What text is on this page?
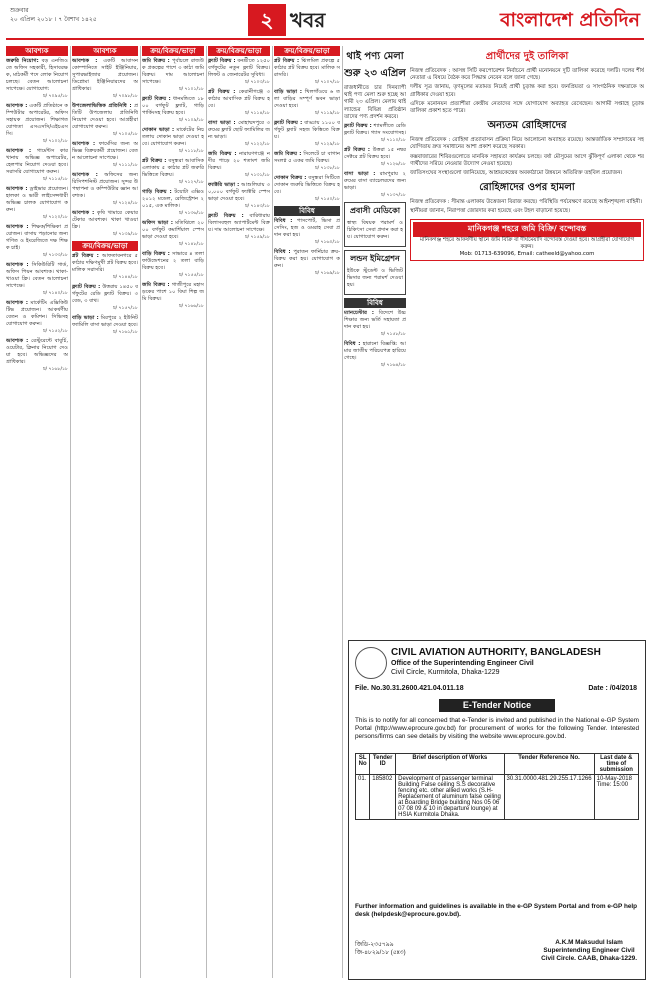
শুক্রবার
২০ এপ্রিল ২০১৮ । ৭ বৈশাখ ১৪২৫	২ খবর	বাংলাদেশ প্রতিদিন
আবশ্যক
জরুরি নিয়োগ: বড় এনজিওতে অফিস সহকারী, হিসাবরক্ষক, মাঠকর্মী পদে লোক নিয়োগ চলছে। বেতন আলোচনা সাপেক্ষে। যোগাযোগ:
চ/ ৭০৯৫/১৮
আবশ্যক : একটি প্রতিষ্ঠানে কম্পিউটার অপারেটর, অফিস সহায়ক প্রয়োজন। শিক্ষাগত যোগ্যতা এসএসসি/এইচএসসি।
চ/ ৭১০২/১৮
আবশ্যক : গার্মেন্টস কারখানায় অভিজ্ঞ অপারেটর, হেলপার নিয়োগ দেওয়া হবে। সরাসরি যোগাযোগ করুন।
চ/ ৭১১৫/১৮
আবশ্যক : ড্রাইভার প্রয়োজন। হালকা ও ভারী লাইসেন্সধারী অভিজ্ঞ চালক যোগাযোগ করুন।
চ/ ৭১২০/১৮
আবশ্যক : শিক্ষক/শিক্ষিকা প্রয়োজন। বাসায় পড়ানোর জন্য গণিত ও ইংরেজিতে দক্ষ শিক্ষক চাই।
চ/ ৭১৩৩/১৮
আবশ্যক : সিকিউরিটি গার্ড, অফিস পিয়ন আবশ্যক। থাকা-খাওয়া ফ্রি। বেতন আলোচনা সাপেক্ষে।
চ/ ৭১৪০/১৮
আবশ্যক : মার্কেটিং এক্সিকিউটিভ প্রয়োজন। আকর্ষণীয় বেতন ও কমিশন। সিভিসহ যোগাযোগ করুন।
চ/ ৭১৫২/১৮
আবশ্যক : রেস্টুরেন্টে বাবুর্চি, ওয়েটার, ক্লিনার নিয়োগ দেওয়া হবে। অভিজ্ঞদের অগ্রাধিকার।
চ/ ৭১৬৮/১৮
আবশ্যক
আবশ্যক : একটি আবাসন কোম্পানিতে সাইট ইঞ্জিনিয়ার, সুপারভাইজার প্রয়োজন। ডিপ্লোমা ইঞ্জিনিয়ারদের অগ্রাধিকার।
চ/ ৭০৯৮/১৮
উপজেলাভিত্তিক প্রতিনিধি : প্রতিটি উপজেলায় প্রতিনিধি নিয়োগ দেওয়া হবে। আগ্রহীরা যোগাযোগ করুন।
চ/ ৭১০৫/১৮
আবশ্যক : ফার্মেসির জন্য অভিজ্ঞ বিক্রয়কর্মী প্রয়োজন। বেতন আলোচনা সাপেক্ষে।
চ/ ৭১১১/১৮
আবশ্যক : অফিসের জন্য রিসিপশনিস্ট প্রয়োজন। সুন্দর উপস্থাপনা ও কম্পিউটার জ্ঞান আবশ্যক।
চ/ ৭১২৪/১৮
আবশ্যক : কৃষি খামারে কেয়ারটেকার আবশ্যক। থাকা খাওয়া ফ্রি।
চ/ ৭১৩৯/১৮
ক্রয়/বিক্রয়/ভাড়া
প্লট বিক্রয় : আফতাবনগরে ৫ কাঠার দক্ষিণমুখী প্লট বিক্রয় হবে। মালিক সরাসরি।
চ/ ৭১৪৪/১৮
ফ্ল্যাট বিক্রয় : উত্তরায় ১৪৫০ বর্গফুটের রেডি ফ্ল্যাট বিক্রয়। ৩ বেড, ৩ বাথ।
চ/ ৭১৫৭/১৮
বাড়ি ভাড়া : মিরপুরে ২ ইউনিট ফ্যামিলি বাসা ভাড়া দেওয়া হবে।
চ/ ৭১৬১/১৮
ক্রয়/বিক্রয়/ভাড়া
জমি বিক্রয় : পূর্বাচলে রাজউক প্রকল্পের পাশে ৩ কাঠা জমি বিক্রয়। দাম আলোচনা সাপেক্ষে।
চ/ ৭১০১/১৮
ফ্ল্যাট বিক্রয় : ধানমন্ডিতে ১৮০০ বর্গফুট ফ্ল্যাট, গাড়ি পার্কিংসহ বিক্রয় হবে।
চ/ ৭১০৯/১৮
দোকান ভাড়া : মার্কেটের নিচতলায় দোকান ভাড়া দেওয়া হবে। যোগাযোগ করুন।
চ/ ৭১১৮/১৮
প্লট বিক্রয় : বসুন্ধরা আবাসিক এলাকায় ৫ কাঠার প্লট জরুরি ভিত্তিতে বিক্রয়।
চ/ ৭১২৭/১৮
গাড়ি বিক্রয় : টয়োটা এক্সিও ২০১২ মডেল, রেজিস্ট্রেশন ২০১৫, এক মালিক।
চ/ ৭১৩৬/১৮
অফিস ভাড়া : মতিঝিলে ২০০০ বর্গফুট কমার্শিয়াল স্পেস ভাড়া দেওয়া হবে।
চ/ ৭১৪৮/১৮
বাড়ি বিক্রয় : সাভারে ৪ তলা ফাউন্ডেশনের ২ তলা বাড়ি বিক্রয় হবে।
চ/ ৭১৫৫/১৮
জমি বিক্রয় : গাজীপুরে মহাসড়কের পাশে ১০ বিঘা শিল্প জমি বিক্রয়।
চ/ ৭১৬৬/১৮
ক্রয়/বিক্রয়/ভাড়া
ফ্ল্যাট বিক্রয় : বনশ্রীতে ১২৫০ বর্গফুটের নতুন ফ্ল্যাট বিক্রয়। লিফট ও জেনারেটর সুবিধা।
চ/ ৭১০৩/১৮
প্লট বিক্রয় : কেরানীগঞ্জে ৩ কাঠার আবাসিক প্লট বিক্রয় হবে।
চ/ ৭১১৪/১৮
বাসা ভাড়া : মোহাম্মদপুরে ৩ রুমের ফ্ল্যাট ছোট ফ্যামিলির জন্য ভাড়া।
চ/ ৭১২২/১৮
জমি বিক্রয় : নারায়ণগঞ্জে নদীর পাড়ে ২০ শতাংশ জমি বিক্রয়।
চ/ ৭১৩১/১৮
ফ্যাক্টরি ভাড়া : আশুলিয়ায় ৩০,০০০ বর্গফুট ফ্যাক্টরি স্পেস ভাড়া দেওয়া হবে।
চ/ ৭১৪৩/১৮
ফ্ল্যাট বিক্রয় : বারিধারায় বিলাসবহুল অ্যাপার্টমেন্ট বিক্রয়। দাম আলোচনা সাপেক্ষে।
চ/ ৭১৫৯/১৮
ক্রয়/বিক্রয়/ভাড়া
প্লট বিক্রয় : ঝিলমিল প্রকল্পে ৫ কাঠার প্লট বিক্রয় হবে। মালিক সরাসরি।
চ/ ৭১০৭/১৮
বাড়ি ভাড়া : খিলগাঁওয়ে ৬ তলা বাড়ির সম্পূর্ণ ভবন ভাড়া দেওয়া হবে।
চ/ ৭১১৯/১৮
ফ্ল্যাট বিক্রয় : বাড্ডায় ১১০০ বর্গফুট ফ্ল্যাট সহজ কিস্তিতে বিক্রয়।
চ/ ৭১২৯/১৮
জমি বিক্রয় : সিলেটে চা বাগান সংলগ্ন ৫ একর জমি বিক্রয়।
চ/ ৭১৩৮/১৮
দোকান বিক্রয় : বসুন্ধরা সিটিতে দোকান জরুরি ভিত্তিতে বিক্রয় হবে।
চ/ ৭১৫০/১৮
বিবিধ
বিবিধ : পাসপোর্ট, ভিসা প্রসেসিং, হজ ও ওমরাহ সেবা প্রদান করা হয়।
চ/ ৭১৬০/১৮
বিবিধ : পুরাতন ফার্নিচার ক্রয়-বিক্রয় করা হয়। যোগাযোগ করুন।
চ/ ৭১৬৯/১৮
থাই পণ্য মেলা শুরু ২৩ এপ্রিল

রাজধানীতে চার দিনব্যাপী থাই পণ্য মেলা শুরু হচ্ছে আগামী ২৩ এপ্রিল। মেলায় থাইল্যান্ডের বিভিন্ন প্রতিষ্ঠান তাদের পণ্য প্রদর্শন করবে।

ফ্ল্যাট বিক্রয় : শ্যামলীতে রেডি ফ্ল্যাট বিক্রয়। গ্যাস সংযোগসহ।
চ/ ৭১১০/১৮
প্লট বিক্রয় : উত্তরা ১৫ নম্বর সেক্টরে প্লট বিক্রয় হবে।
চ/ ৭১২৬/১৮
বাসা ভাড়া : রামপুরায় ২ রুমের বাসা ব্যাচেলরদের জন্য ভাড়া।
চ/ ৭১৩৭/১৮
প্রবাসী মেডিকো
স্বাস্থ্য বিষয়ক পরামর্শ ও চিকিৎসা সেবা প্রদান করা হয়। যোগাযোগ করুন।
লন্ডন ইমিগ্রেশন
ইউকে স্টুডেন্ট ও ভিজিট ভিসার জন্য পরামর্শ দেওয়া হয়।
বিবিধ
ম্যানচেস্টার : বিদেশে উচ্চশিক্ষার জন্য ভর্তি সহায়তা প্রদান করা হয়।
চ/ ৭১৫৮/১৮
বিবিধ : হারানো বিজ্ঞপ্তি: আমার জাতীয় পরিচয়পত্র হারিয়ে গেছে।
চ/ ৭১৬৪/১৮
প্রার্থীদের দুই তালিকা

নিজস্ব প্রতিবেদক : আসন্ন সিটি করপোরেশন নির্বাচনে প্রার্থী মনোনয়নে দুটি তালিকা করেছে দলটি। দলের শীর্ষ নেতারা এ বিষয়ে বৈঠক করে সিদ্ধান্ত নেবেন বলে জানা গেছে।

দলীয় সূত্র জানায়, তৃণমূলের মতামত নিয়েই প্রার্থী চূড়ান্ত করা হবে। জনপ্রিয়তা ও সাংগঠনিক দক্ষতাকে অগ্রাধিকার দেওয়া হবে।

এদিকে মনোনয়ন প্রত্যাশীরা কেন্দ্রীয় নেতাদের সঙ্গে যোগাযোগ অব্যাহত রেখেছেন। আগামী সপ্তাহে চূড়ান্ত তালিকা প্রকাশ হতে পারে।

অন্যতম রোহিঙ্গাদের

নিজস্ব প্রতিবেদক : রোহিঙ্গা প্রত্যাবাসন প্রক্রিয়া নিয়ে আলোচনা অব্যাহত রয়েছে। আন্তর্জাতিক সম্প্রদায়ের সহযোগিতায় দ্রুত সমাধানের আশা প্রকাশ করেছে সরকার।

কক্সবাজারের শিবিরগুলোতে মানবিক সহায়তা কার্যক্রম চলছে। বর্ষা মৌসুমের আগে ঝুঁকিপূর্ণ এলাকা থেকে শরণার্থীদের সরিয়ে নেওয়ার উদ্যোগ নেওয়া হয়েছে।

জাতিসংঘের সংস্থাগুলো জানিয়েছে, আশ্রয়কেন্দ্রের অবকাঠামো উন্নয়নে অতিরিক্ত তহবিল প্রয়োজন।

রোহিঙ্গাদের ওপর হামলা

নিজস্ব প্রতিবেদক : সীমান্ত এলাকায় উত্তেজনা বিরাজ করছে। পরিস্থিতি পর্যবেক্ষণে রয়েছে আইনশৃঙ্খলা বাহিনী।

স্থানীয়রা জানান, নিরাপত্তা জোরদার করা হয়েছে এবং টহল বাড়ানো হয়েছে।

মানিকগঞ্জ শহরে জমি বিক্রি/ বন্দোবস্ত
মানিকগঞ্জ শহরে আকর্ষণীয় স্থানে জমি বিক্রি বা দীর্ঘমেয়াদি বন্দোবস্ত দেওয়া হবে। আগ্রহীরা যোগাযোগ করুন।
Mob: 01713-639096, Email: catheeld@yahoo.com
CIVIL AVIATION AUTHORITY, BANGLADESH
Office of the Superintending Engineer Civil
Civil Circle, Kurmitola, Dhaka-1229
File. No.30.31.2600.421.04.011.18	Date : /04/2018
E-Tender Notice
This is to notify for all concerned that e-Tender is invited and published in the National e-GP System Portal (http://www.eprocure.gov.bd) for procurement of works for the following Tender. Interested persons/firms can see details by visiting the website www.eprocure.gov.bd.
SL No	Tender ID	Brief description of Works	Tender Reference No.	Last date & time of submission
01.	185802	Development of passenger terminal Building False ceiling S.S decorative fencing etc. other allied works (S.H- Replacement of aluminum false ceiling at Boarding Bridge building Nos 05 06 07 08 09 & 10 in departure lounge) at HSIA Kurmitola Dhaka.	30.31.0000.481.29.255.17.1266	10-May-2018 Time: 15:00
Further information and guidelines is available in the e-GP System Portal and from e-GP help desk (helpdesk@eprocure.gov.bd).
জিডি-২৩৫৭৯৯
জি-৪৮২৯/১৮ (৫x৩)
A.K.M Maksudul Islam
Superintending Engineer Civil
Civil Circle. CAAB, Dhaka-1229.
